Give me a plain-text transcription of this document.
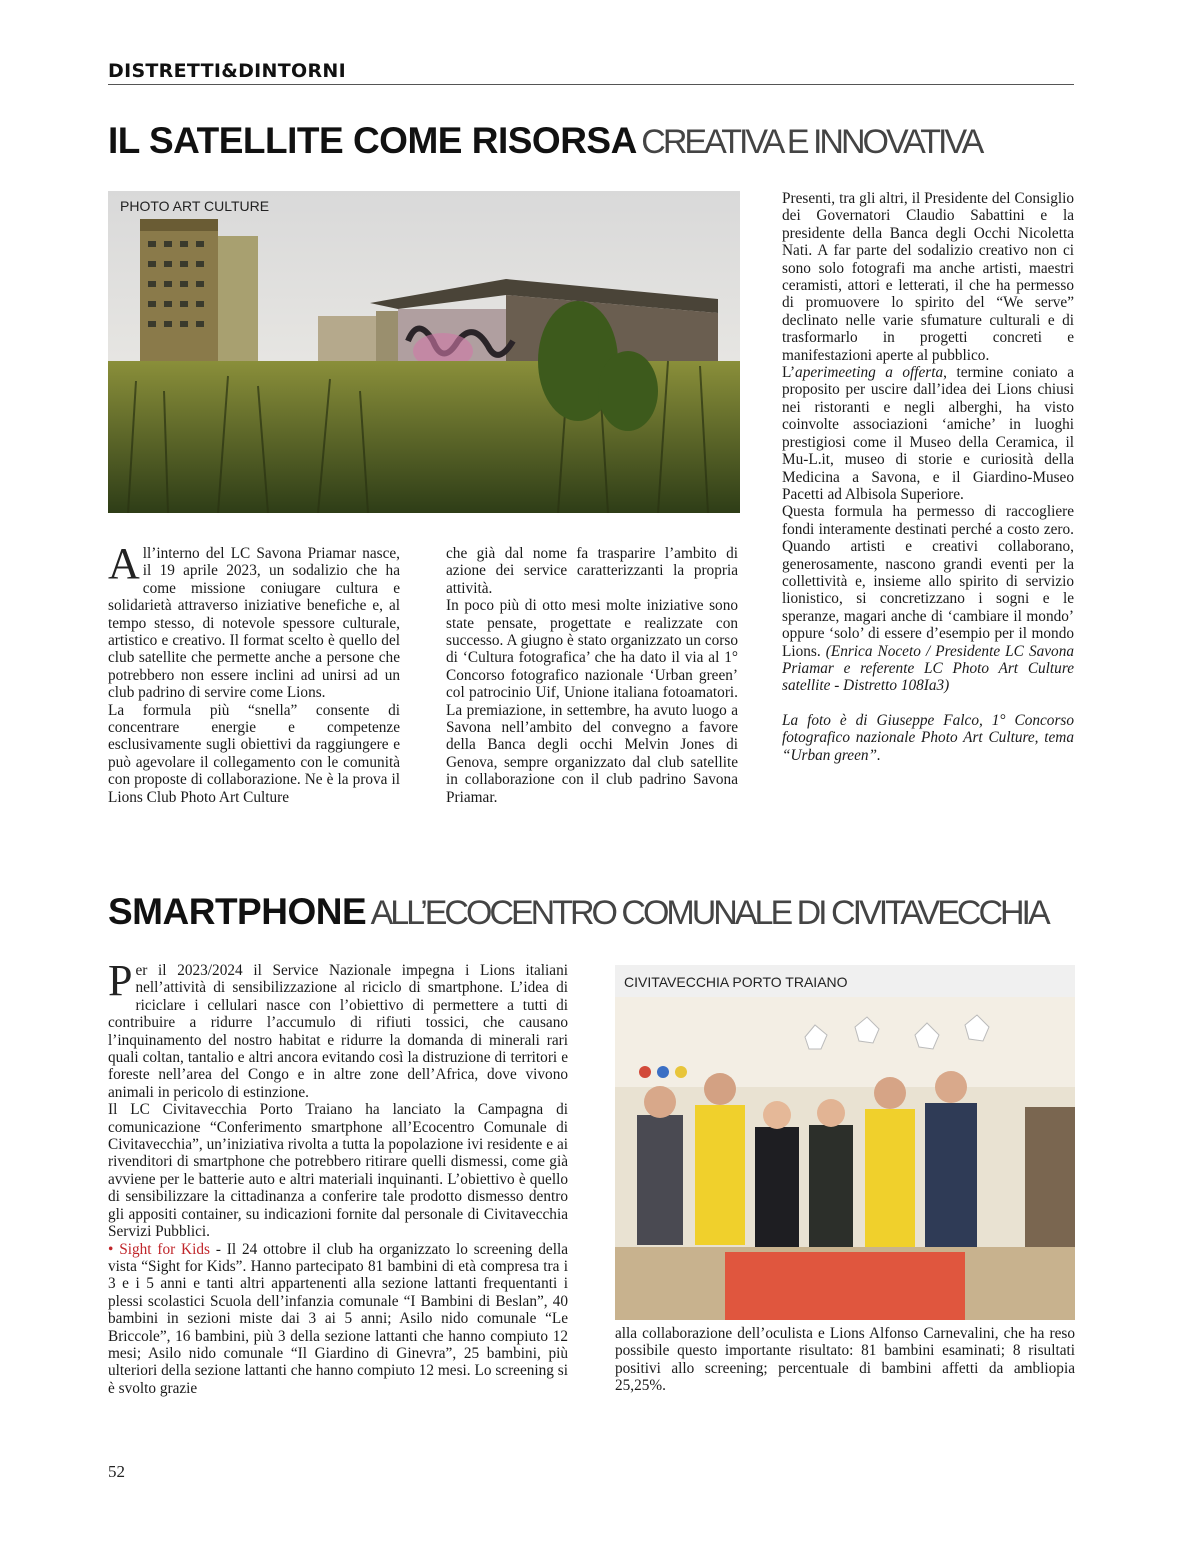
DISTRETTI&DINTORNI
IL SATELLITE COME RISORSA CREATIVA E INNOVATIVA
PHOTO ART CULTURE

All’interno del LC Savona Priamar nasce, il 19 aprile 2023, un sodalizio che ha come missione coniugare cultura e solidarietà attraverso iniziative benefiche e, al tempo stesso, di notevole spessore culturale, artistico e creativo. Il format scelto è quello del club satellite che permette anche a persone che potrebbero non essere inclini ad unirsi ad un club padrino di servire come Lions.

La formula più “snella” consente di concentrare energie e competenze esclusivamente sugli obiettivi da raggiungere e può agevolare il collegamento con le comunità con proposte di collaborazione. Ne è la prova il Lions Club Photo Art Culture

che già dal nome fa trasparire l’ambito di azione dei service caratterizzanti la propria attività.

In poco più di otto mesi molte iniziative sono state pensate, progettate e realizzate con successo. A giugno è stato organizzato un corso di ‘Cultura fotografica’ che ha dato il via al 1° Concorso fotografico nazionale ‘Urban green’ col patrocinio Uif, Unione italiana fotoamatori. La premiazione, in settembre, ha avuto luogo a Savona nell’ambito del convegno a favore della Banca degli occhi Melvin Jones di Genova, sempre organizzato dal club satellite in collaborazione con il club padrino Savona Priamar.

Presenti, tra gli altri, il Presidente del Consiglio dei Governatori Claudio Sabattini e la presidente della Banca degli Occhi Nicoletta Nati. A far parte del sodalizio creativo non ci sono solo fotografi ma anche artisti, maestri ceramisti, attori e letterati, il che ha permesso di promuovere lo spirito del “We serve” declinato nelle varie sfumature culturali e di trasformarlo in progetti concreti e manifestazioni aperte al pubblico.

L’aperimeeting a offerta, termine coniato a proposito per uscire dall’idea dei Lions chiusi nei ristoranti e negli alberghi, ha visto coinvolte associazioni ‘amiche’ in luoghi prestigiosi come il Museo della Ceramica, il Mu-L.it, museo di storie e curiosità della Medicina a Savona, e il Giardino-Museo Pacetti ad Albisola Superiore.

Questa formula ha permesso di raccogliere fondi interamente destinati perché a costo zero. Quando artisti e creativi collaborano, generosamente, nascono grandi eventi per la collettività e, insieme allo spirito di servizio lionistico, si concretizzano i sogni e le speranze, magari anche di ‘cambiare il mondo’ oppure ‘solo’ di essere d’esempio per il mondo Lions. (Enrica Noceto / Presidente LC Savona Priamar e referente LC Photo Art Culture satellite - Distretto 108Ia3)

La foto è di Giuseppe Falco, 1° Concorso fotografico nazionale Photo Art Culture, tema “Urban green”.

SMARTPHONE ALL’ECOCENTRO COMUNALE DI CIVITAVECCHIA

Per il 2023/2024 il Service Nazionale impegna i Lions italiani nell’attività di sensibilizzazione al riciclo di smartphone. L’idea di riciclare i cellulari nasce con l’obiettivo di permettere a tutti di contribuire a ridurre l’accumulo di rifiuti tossici, che causano l’inquinamento del nostro habitat e ridurre la domanda di minerali rari quali coltan, tantalio e altri ancora evitando così la distruzione di territori e foreste nell’area del Congo e in altre zone dell’Africa, dove vivono animali in pericolo di estinzione.

Il LC Civitavecchia Porto Traiano ha lanciato la Campagna di comunicazione “Conferimento smartphone all’Ecocentro Comunale di Civitavecchia”, un’iniziativa rivolta a tutta la popolazione ivi residente e ai rivenditori di smartphone che potrebbero ritirare quelli dismessi, come già avviene per le batterie auto e altri materiali inquinanti. L’obiettivo è quello di sensibilizzare la cittadinanza a conferire tale prodotto dismesso dentro gli appositi container, su indicazioni fornite dal personale di Civitavecchia Servizi Pubblici.

• Sight for Kids - Il 24 ottobre il club ha organizzato lo screening della vista “Sight for Kids”. Hanno partecipato 81 bambini di età compresa tra i 3 e i 5 anni e tanti altri appartenenti alla sezione lattanti frequentanti i plessi scolastici Scuola dell’infanzia comunale “I Bambini di Beslan”, 40 bambini in sezioni miste dai 3 ai 5 anni; Asilo nido comunale “Le Briccole”, 16 bambini, più 3 della sezione lattanti che hanno compiuto 12 mesi; Asilo nido comunale “Il Giardino di Ginevra”, 25 bambini, più ulteriori della sezione lattanti che hanno compiuto 12 mesi. Lo screening si è svolto grazie

CIVITAVECCHIA PORTO TRAIANO

alla collaborazione dell’oculista e Lions Alfonso Carnevalini, che ha reso possibile questo importante risultato: 81 bambini esaminati; 8 risultati positivi allo screening; percentuale di bambini affetti da ambliopia 25,25%.

52
